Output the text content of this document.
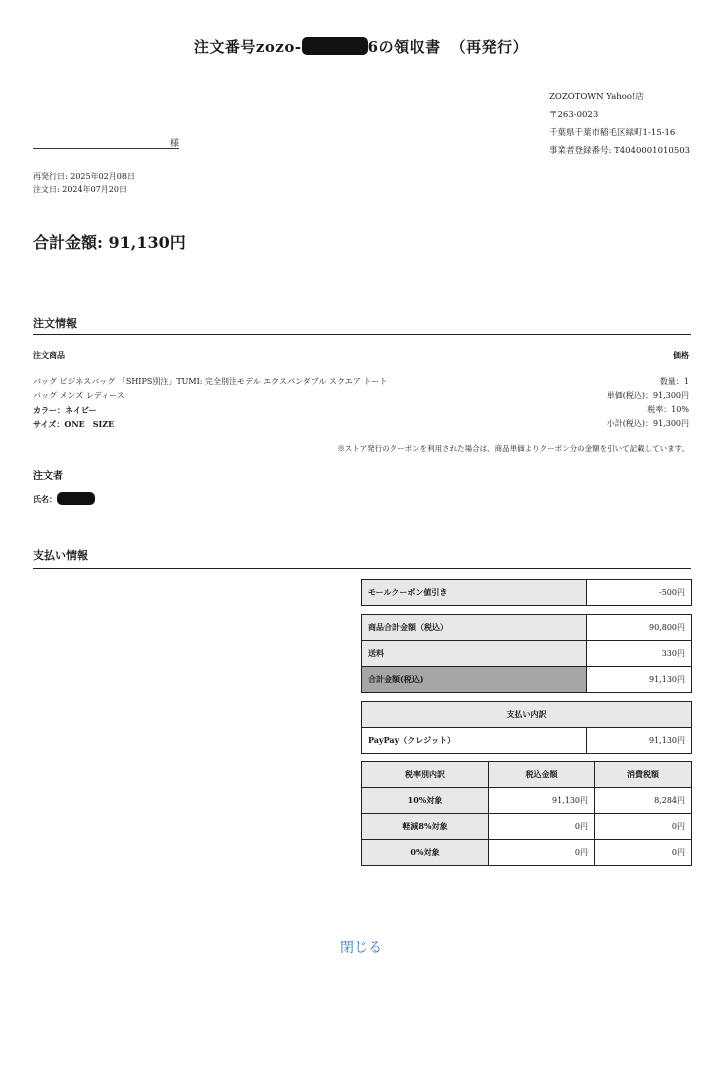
注文番号zozo-	6の領収書 （再発行）
ZOZOTOWN Yahoo!店
〒263-0023
千葉県千葉市稲毛区緑町1-15-16
事業者登録番号: T4040001010503
様
再発行日: 2025年02月08日
注文日: 2024年07月20日
合計金額: 91,130円
注文情報
注文商品	価格
バッグ ビジネスバッグ 「SHIPS別注」TUMI: 完全別注モデル エクスパンダブル スクエア トート
バッグ メンズ レディース
カラー：ネイビー
サイズ：ONE　SIZE
数量：1
単価(税込)：91,300円
税率：10%
小計(税込)：91,300円
※ストア発行のクーポンを利用された場合は、商品単価よりクーポン分の金額を引いて記載しています。
注文者
氏名：
支払い情報
モールクーポン値引き	-500円
商品合計金額（税込）	90,800円
送料	330円
合計金額(税込)	91,130円
支払い内訳
PayPay（クレジット）	91,130円
税率別内訳	税込金額	消費税額
10%対象	91,130円	8,284円
軽減8%対象	0円	0円
0%対象	0円	0円
閉じる
